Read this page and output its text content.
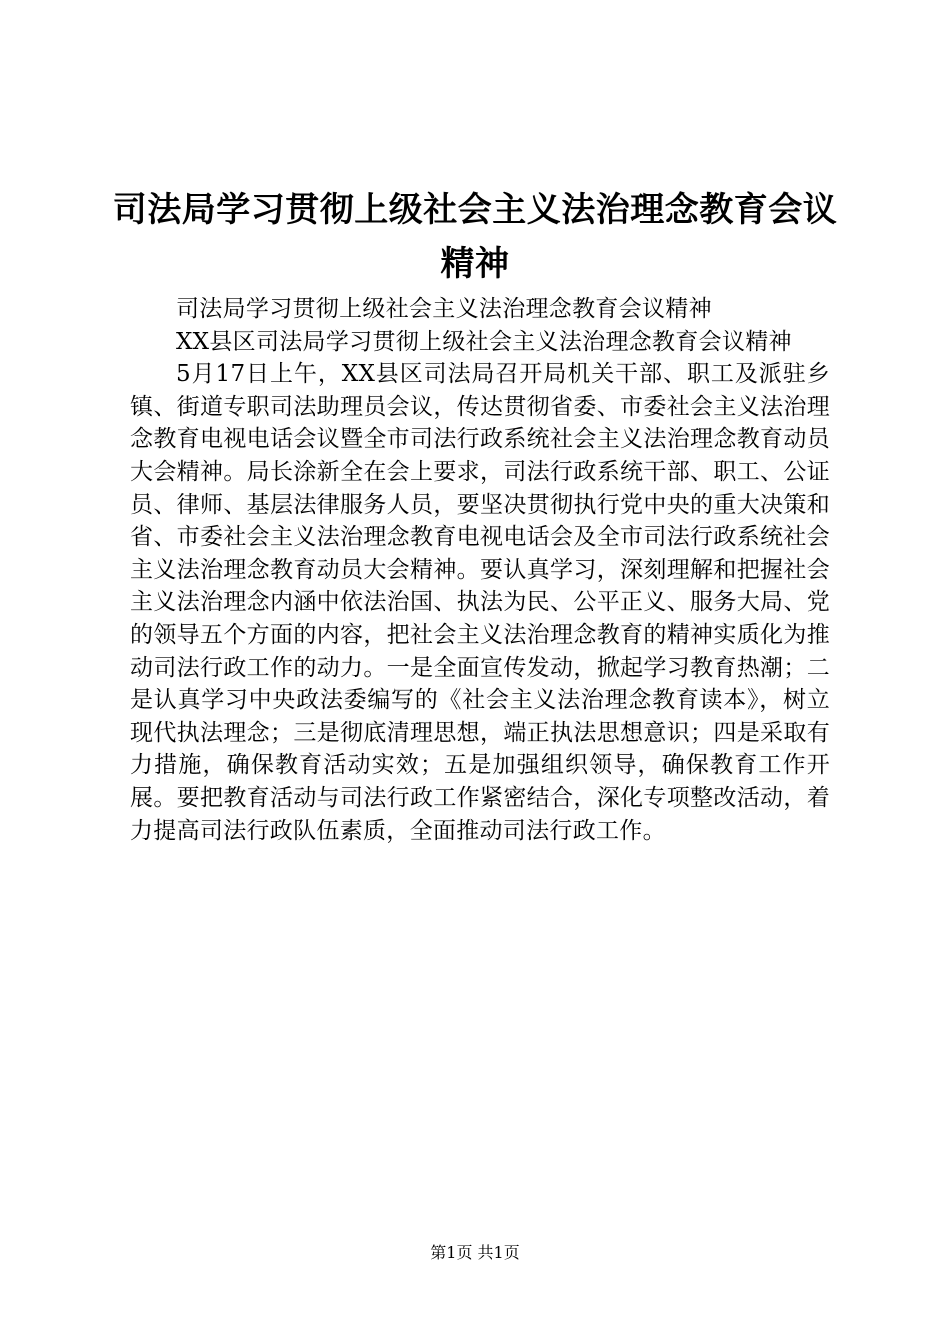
司法局学习贯彻上级社会主义法治理念教育会议精神

司法局学习贯彻上级社会主义法治理念教育会议精神

XX县区司法局学习贯彻上级社会主义法治理念教育会议精神

5月17日上午，XX县区司法局召开局机关干部、职工及派驻乡镇、街道专职司法助理员会议，传达贯彻省委、市委社会主义法治理念教育电视电话会议暨全市司法行政系统社会主义法治理念教育动员大会精神。局长涂新全在会上要求，司法行政系统干部、职工、公证员、律师、基层法律服务人员，要坚决贯彻执行党中央的重大决策和省、市委社会主义法治理念教育电视电话会及全市司法行政系统社会主义法治理念教育动员大会精神。要认真学习，深刻理解和把握社会主义法治理念内涵中依法治国、执法为民、公平正义、服务大局、党的领导五个方面的内容，把社会主义法治理念教育的精神实质化为推动司法行政工作的动力。一是全面宣传发动，掀起学习教育热潮；二是认真学习中央政法委编写的《社会主义法治理念教育读本》，树立现代执法理念；三是彻底清理思想，端正执法思想意识；四是采取有力措施，确保教育活动实效；五是加强组织领导，确保教育工作开展。要把教育活动与司法行政工作紧密结合，深化专项整改活动，着力提高司法行政队伍素质，全面推动司法行政工作。

第1页 共1页
